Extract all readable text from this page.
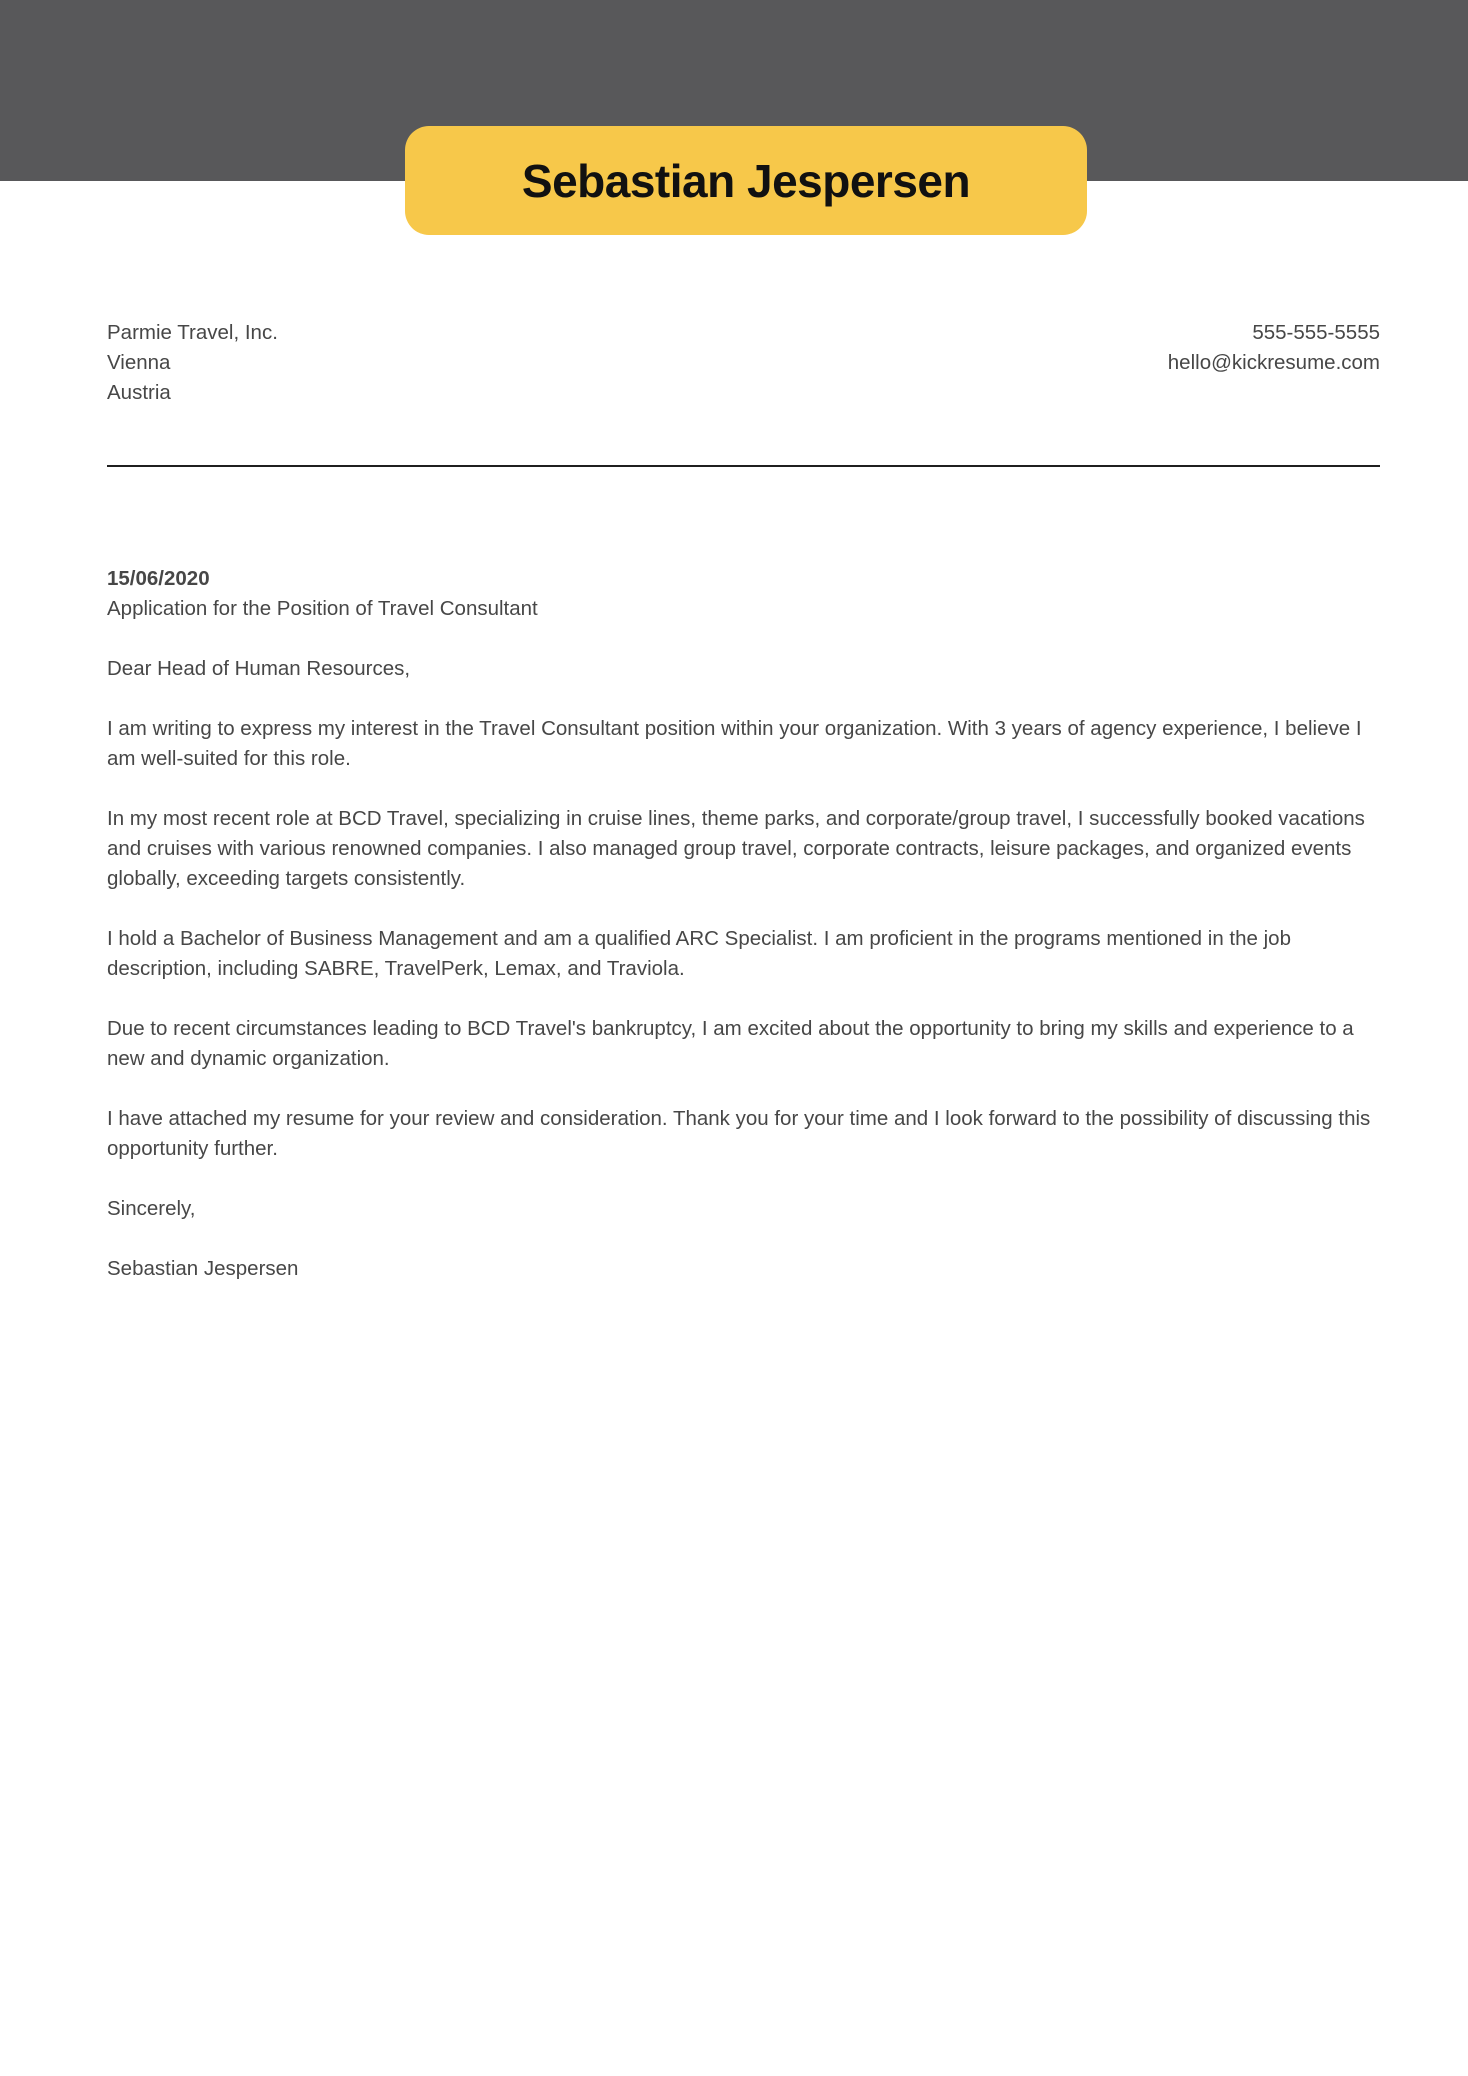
Sebastian Jespersen
Parmie Travel, Inc.
Vienna
Austria
555-555-5555
hello@kickresume.com

15/06/2020
Application for the Position of Travel Consultant

Dear Head of Human Resources,

I am writing to express my interest in the Travel Consultant position within your organization. With 3 years of agency experience, I believe I am well-suited for this role.

In my most recent role at BCD Travel, specializing in cruise lines, theme parks, and corporate/group travel, I successfully booked vacations and cruises with various renowned companies. I also managed group travel, corporate contracts, leisure packages, and organized events globally, exceeding targets consistently.

I hold a Bachelor of Business Management and am a qualified ARC Specialist. I am proficient in the programs mentioned in the job description, including SABRE, TravelPerk, Lemax, and Traviola.

Due to recent circumstances leading to BCD Travel's bankruptcy, I am excited about the opportunity to bring my skills and experience to a new and dynamic organization.

I have attached my resume for your review and consideration. Thank you for your time and I look forward to the possibility of discussing this opportunity further.

Sincerely,

Sebastian Jespersen
